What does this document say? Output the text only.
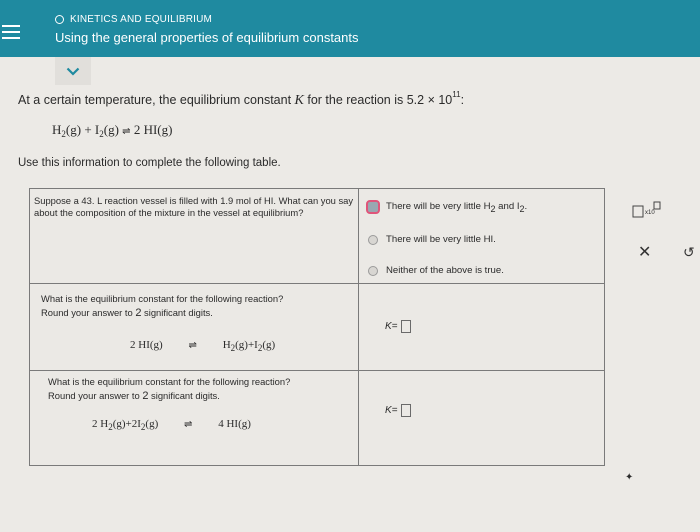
KINETICS AND EQUILIBRIUM
Using the general properties of equilibrium constants
At a certain temperature, the equilibrium constant K for the reaction is $5.2 \times 10^{11}$:
$H_2(g) + I_2(g)$ ⇌ 2 HI(g)
Use this information to complete the following table.
Suppose a 43. L reaction vessel is filled with 1.9 mol of HI. What can you say about the composition of the mixture in the vessel at equilibrium?
There will be very little H2 and I2.
There will be very little HI.
Neither of the above is true.
What is the equilibrium constant for the following reaction?
Round your answer to 2 significant digits.
2 HI(g)	⇌ $H_2(g)+I_2(g)$
K =
What is the equilibrium constant for the following reaction?
Round your answer to 2 significant digits.
2 $H_2(g)+2I_2(g)$	⇌ 4 HI(g)
K =
✦
x10
✕ ↺
